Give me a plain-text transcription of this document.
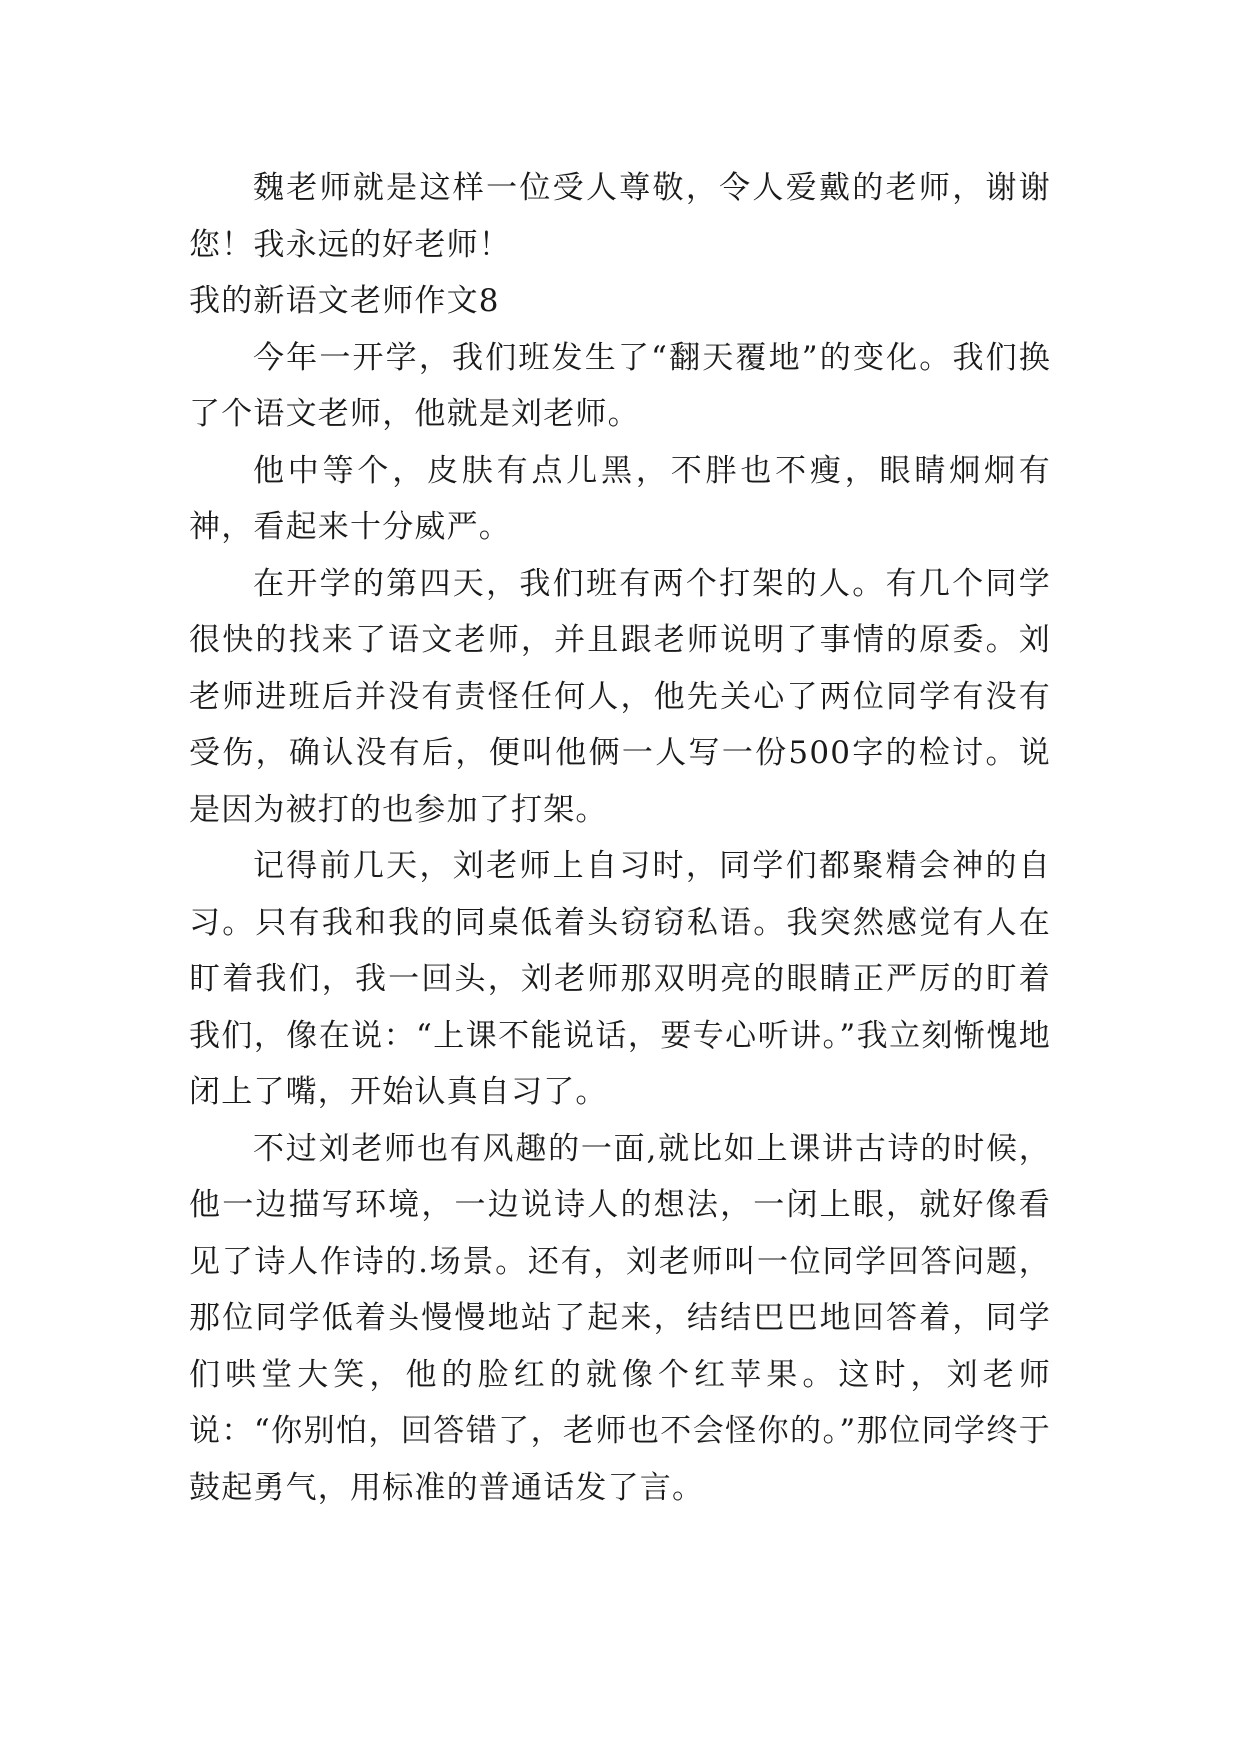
魏老师就是这样一位受人尊敬，令人爱戴的老师，谢谢您！我永远的好老师！

我的新语文老师作文8

今年一开学，我们班发生了“翻天覆地”的变化。我们换了个语文老师，他就是刘老师。

他中等个，皮肤有点儿黑，不胖也不瘦，眼睛炯炯有神，看起来十分威严。

在开学的第四天，我们班有两个打架的人。有几个同学很快的找来了语文老师，并且跟老师说明了事情的原委。刘老师进班后并没有责怪任何人，他先关心了两位同学有没有受伤，确认没有后，便叫他俩一人写一份500字的检讨。说是因为被打的也参加了打架。

记得前几天，刘老师上自习时，同学们都聚精会神的自习。只有我和我的同桌低着头窃窃私语。我突然感觉有人在盯着我们，我一回头，刘老师那双明亮的眼睛正严厉的盯着我们，像在说：“上课不能说话，要专心听讲。”我立刻惭愧地闭上了嘴，开始认真自习了。

不过刘老师也有风趣的一面,就比如上课讲古诗的时候，他一边描写环境，一边说诗人的想法，一闭上眼，就好像看见了诗人作诗的.场景。还有，刘老师叫一位同学回答问题，那位同学低着头慢慢地站了起来，结结巴巴地回答着，同学们哄堂大笑，他的脸红的就像个红苹果。这时，刘老师说：“你别怕，回答错了，老师也不会怪你的。”那位同学终于鼓起勇气，用标准的普通话发了言。
